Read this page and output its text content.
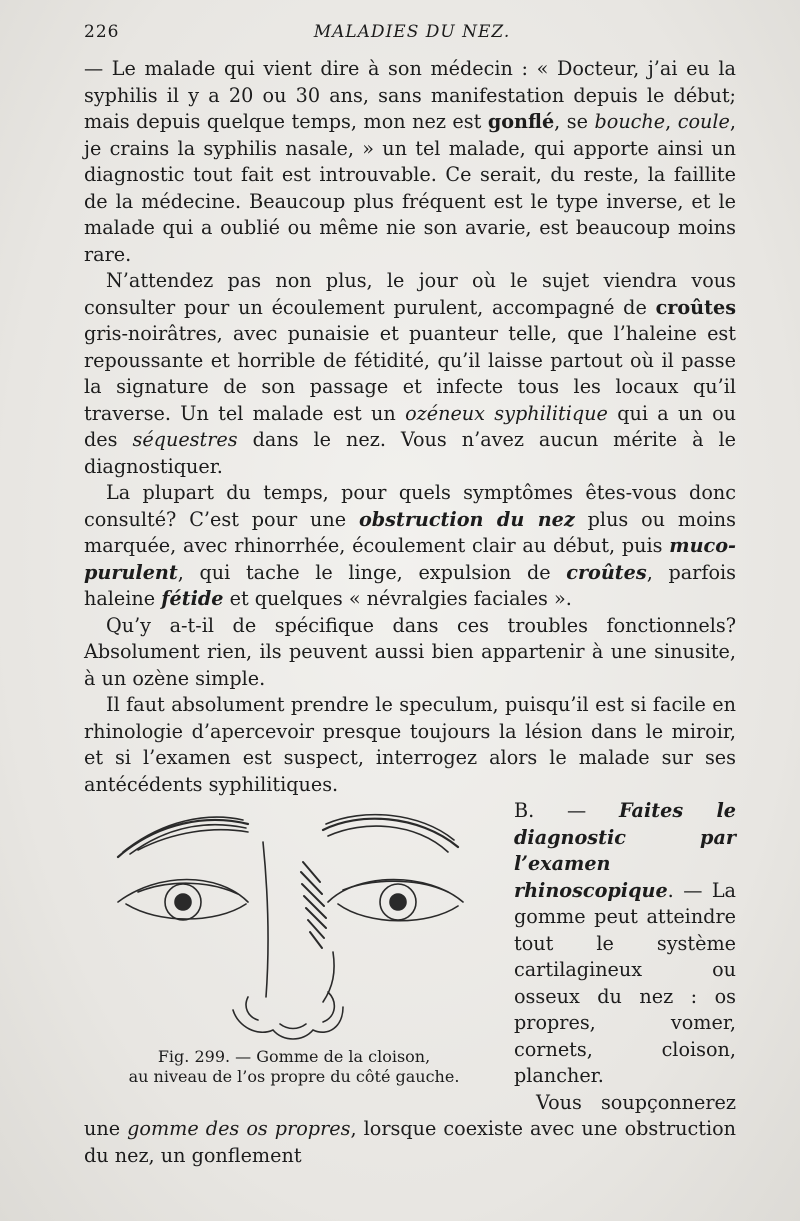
226	MALADIES DU NEZ.

— Le malade qui vient dire à son médecin : « Docteur, j’ai eu la syphilis il y a 20 ou 30 ans, sans manifestation depuis le début; mais depuis quelque temps, mon nez est gonflé, se bouche, coule, je crains la syphilis nasale, » un tel malade, qui apporte ainsi un diagnostic tout fait est introuvable. Ce serait, du reste, la faillite de la médecine. Beaucoup plus fréquent est le type inverse, et le malade qui a oublié ou même nie son avarie, est beaucoup moins rare.

N’attendez pas non plus, le jour où le sujet viendra vous consulter pour un écoulement purulent, accompagné de croûtes gris-noirâtres, avec punaisie et puanteur telle, que l’haleine est repoussante et horrible de fétidité, qu’il laisse partout où il passe la signature de son passage et infecte tous les locaux qu’il traverse. Un tel malade est un ozéneux syphilitique qui a un ou des séquestres dans le nez. Vous n’avez aucun mérite à le diagnostiquer.

La plupart du temps, pour quels symptômes êtes-vous donc consulté? C’est pour une obstruction du nez plus ou moins marquée, avec rhinorrhée, écoulement clair au début, puis muco-purulent, qui tache le linge, expulsion de croûtes, parfois haleine fétide et quelques « névralgies faciales ».

Qu’y a-t-il de spécifique dans ces troubles fonctionnels? Absolument rien, ils peuvent aussi bien appartenir à une sinusite, à un ozène simple.

Il faut absolument prendre le speculum, puisqu’il est si facile en rhinologie d’apercevoir presque toujours la lésion dans le miroir, et si l’examen est suspect, interrogez alors le malade sur ses antécédents syphilitiques.

Fig. 299. — Gomme de la cloison,
au niveau de l’os propre du côté gauche.

B. — Faites le diagnostic par l’examen rhinoscopique. — La gomme peut atteindre tout le système cartilagineux ou osseux du nez : os propres, vomer, cornets, cloison, plancher.

Vous soupçonnerez une gomme des os propres, lorsque coexiste avec une obstruction du nez, un gonflement
